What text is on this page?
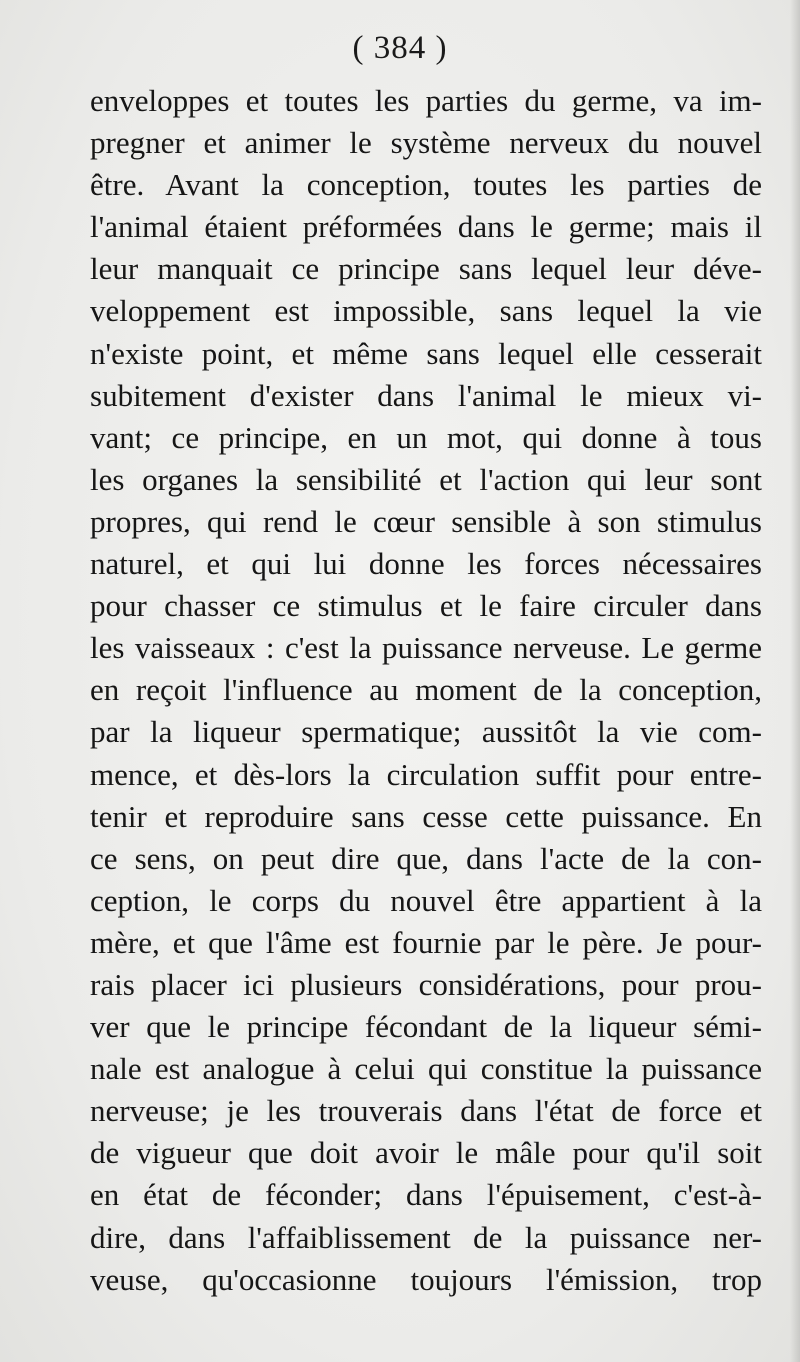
( 384 )
enveloppes et toutes les parties du germe, va im-
pregner et animer le système nerveux du nouvel
être. Avant la conception, toutes les parties de
l'animal étaient préformées dans le germe; mais il
leur manquait ce principe sans lequel leur déve-
veloppement est impossible, sans lequel la vie
n'existe point, et même sans lequel elle cesserait
subitement d'exister dans l'animal le mieux vi-
vant; ce principe, en un mot, qui donne à tous
les organes la sensibilité et l'action qui leur sont
propres, qui rend le cœur sensible à son stimulus
naturel, et qui lui donne les forces nécessaires
pour chasser ce stimulus et le faire circuler dans
les vaisseaux : c'est la puissance nerveuse. Le germe
en reçoit l'influence au moment de la conception,
par la liqueur spermatique; aussitôt la vie com-
mence, et dès-lors la circulation suffit pour entre-
tenir et reproduire sans cesse cette puissance. En
ce sens, on peut dire que, dans l'acte de la con-
ception, le corps du nouvel être appartient à la
mère, et que l'âme est fournie par le père. Je pour-
rais placer ici plusieurs considérations, pour prou-
ver que le principe fécondant de la liqueur sémi-
nale est analogue à celui qui constitue la puissance
nerveuse; je les trouverais dans l'état de force et
de vigueur que doit avoir le mâle pour qu'il soit
en état de féconder; dans l'épuisement, c'est-à-
dire, dans l'affaiblissement de la puissance ner-
veuse, qu'occasionne toujours l'émission, trop
